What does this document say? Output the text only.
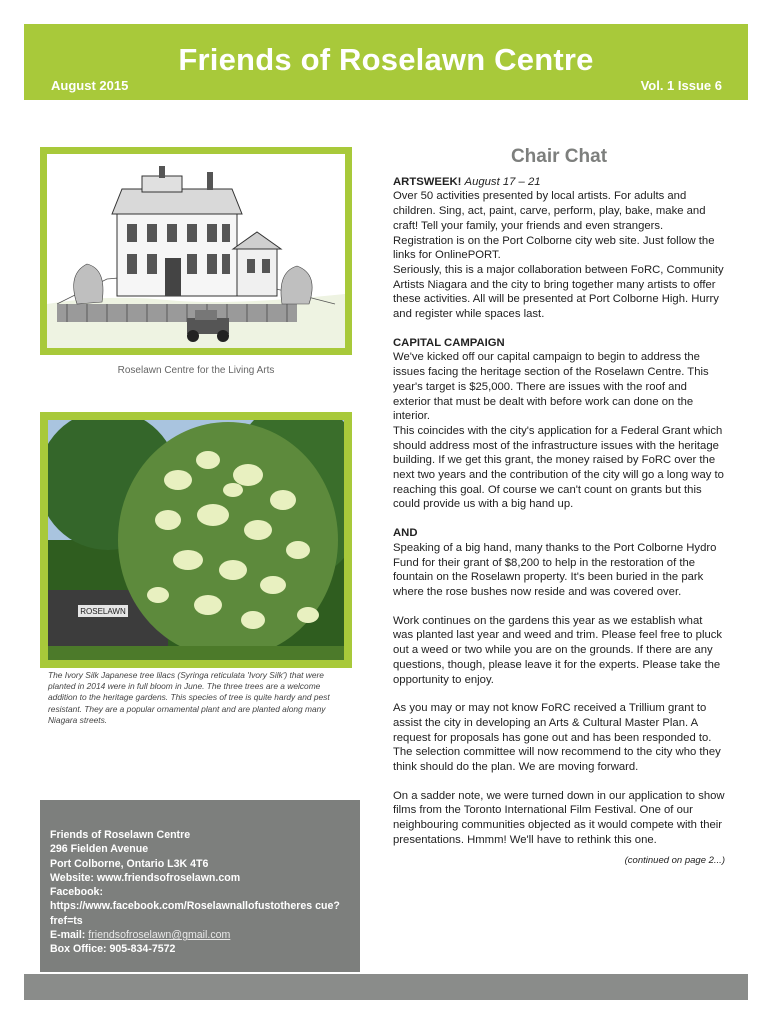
Friends of Roselawn Centre
August 2015	Vol. 1 Issue 6
Roselawn Centre for the Living Arts
ROSELAWN
The Ivory Silk Japanese tree lilacs (Syringa reticulata 'Ivory Silk') that were planted in 2014 were in full bloom in June. The three trees are a welcome addition to the heritage gardens. This species of tree is quite hardy and pest resistant. They are a popular ornamental plant and are planted along many Niagara streets.
Friends of Roselawn Centre
296 Fielden Avenue
Port Colborne, Ontario L3K 4T6
Website: www.friendsofroselawn.com
Facebook:
https://www.facebook.com/Roselawnallofustotheres cue?fref=ts
E-mail: friendsofroselawn@gmail.com
Box Office: 905-834-7572
Chair Chat

ARTSWEEK! August 17 – 21

Over 50 activities presented by local artists. For adults and children. Sing, act, paint, carve, perform, play, bake, make and craft! Tell your family, your friends and even strangers. Registration is on the Port Colborne city web site. Just follow the links for OnlinePORT.

Seriously, this is a major collaboration between FoRC, Community Artists Niagara and the city to bring together many artists to offer these activities. All will be presented at Port Colborne High. Hurry and register while spaces last.

CAPITAL CAMPAIGN

We've kicked off our capital campaign to begin to address the issues facing the heritage section of the Roselawn Centre. This year's target is $25,000. There are issues with the roof and exterior that must be dealt with before work can done on the interior.

This coincides with the city's application for a Federal Grant which should address most of the infrastructure issues with the heritage building. If we get this grant, the money raised by FoRC over the next two years and the contribution of the city will go a long way to reaching this goal. Of course we can't count on grants but this could provide us with a big hand up.

AND

Speaking of a big hand, many thanks to the Port Colborne Hydro Fund for their grant of $8,200 to help in the restoration of the fountain on the Roselawn property. It's been buried in the park where the rose bushes now reside and was covered over.

Work continues on the gardens this year as we establish what was planted last year and weed and trim. Please feel free to pluck out a weed or two while you are on the grounds. If there are any questions, though, please leave it for the experts. Please take the opportunity to enjoy.

As you may or may not know FoRC received a Trillium grant to assist the city in developing an Arts & Cultural Master Plan. A request for proposals has gone out and has been responded to. The selection committee will now recommend to the city who they think should do the plan. We are moving forward.

On a sadder note, we were turned down in our application to show films from the Toronto International Film Festival. One of our neighbouring communities objected as it would compete with their presentations. Hmmm! We'll have to rethink this one.

(continued on page 2...)
